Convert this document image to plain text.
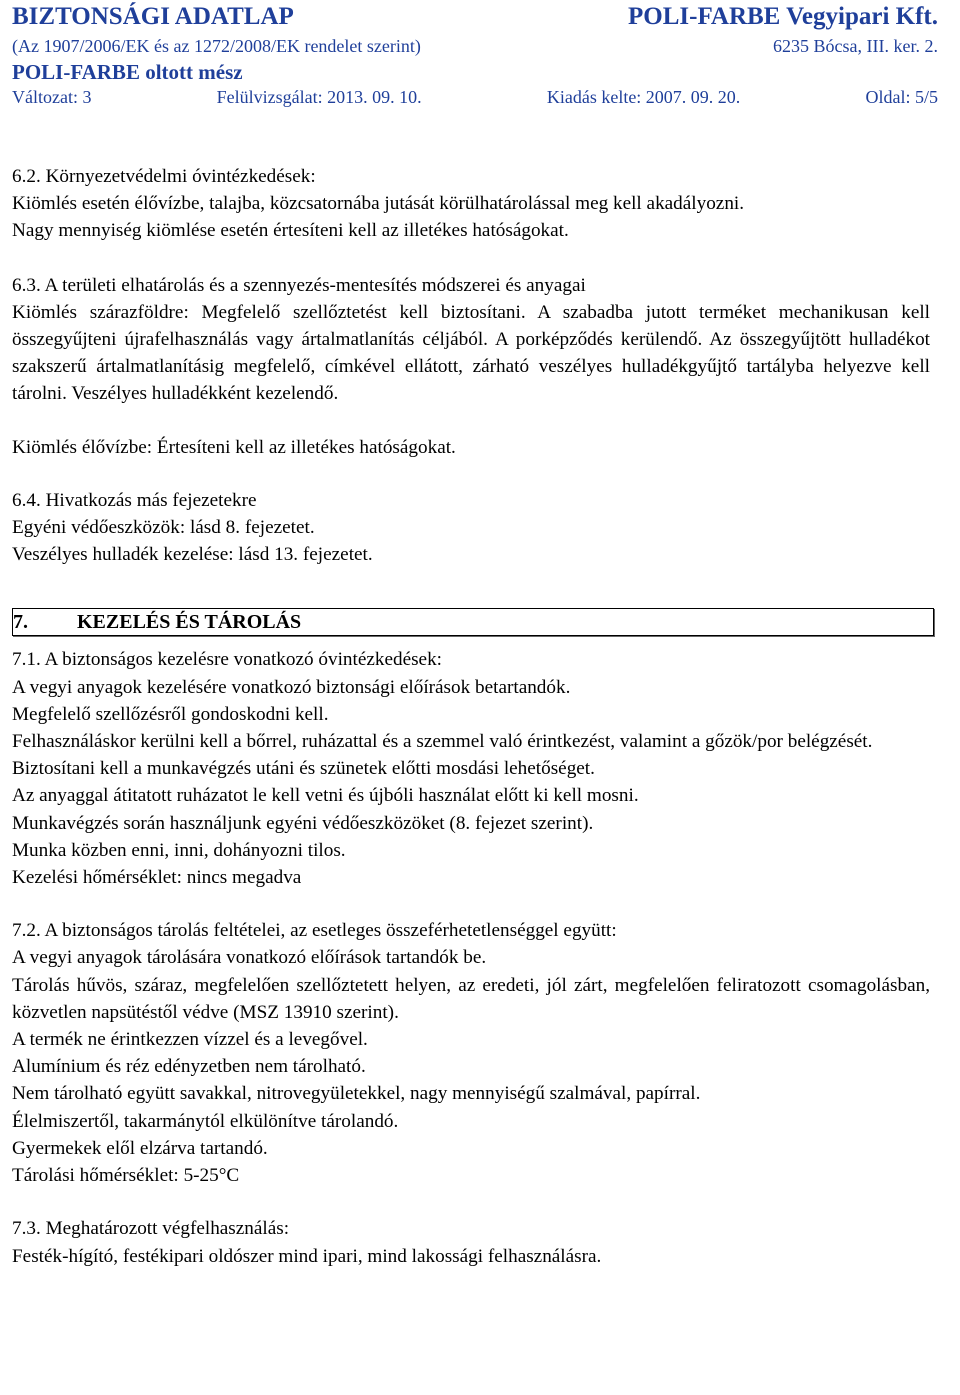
BIZTONSÁGI ADATLAP	POLI-FARBE Vegyipari Kft.
(Az 1907/2006/EK és az 1272/2008/EK rendelet szerint)	6235 Bócsa, III. ker. 2.
POLI-FARBE oltott mész
Változat: 3	Felülvizsgálat: 2013. 09. 10.	Kiadás kelte: 2007. 09. 20.	Oldal: 5/5

6.2. Környezetvédelmi óvintézkedések:

Kiömlés esetén élővízbe, talajba, közcsatornába jutását körülhatárolással meg kell akadályozni.

Nagy mennyiség kiömlése esetén értesíteni kell az illetékes hatóságokat.

6.3. A területi elhatárolás és a szennyezés-mentesítés módszerei és anyagai

Kiömlés szárazföldre: Megfelelő szellőztetést kell biztosítani. A szabadba jutott terméket mechanikusan kell összegyűjteni újrafelhasználás vagy ártalmatlanítás céljából. A porképződés kerülendő. Az összegyűjtött hulladékot szakszerű ártalmatlanításig megfelelő, címkével ellátott, zárható veszélyes hulladékgyűjtő tartályba helyezve kell tárolni. Veszélyes hulladékként kezelendő.

Kiömlés élővízbe: Értesíteni kell az illetékes hatóságokat.

6.4. Hivatkozás más fejezetekre

Egyéni védőeszközök: lásd 8. fejezetet.

Veszélyes hulladék kezelése: lásd 13. fejezetet.

7. KEZELÉS ÉS TÁROLÁS

7.1. A biztonságos kezelésre vonatkozó óvintézkedések:

A vegyi anyagok kezelésére vonatkozó biztonsági előírások betartandók.

Megfelelő szellőzésről gondoskodni kell.

Felhasználáskor kerülni kell a bőrrel, ruházattal és a szemmel való érintkezést, valamint a gőzök/por belégzését.

Biztosítani kell a munkavégzés utáni és szünetek előtti mosdási lehetőséget.

Az anyaggal átitatott ruházatot le kell vetni és újbóli használat előtt ki kell mosni.

Munkavégzés során használjunk egyéni védőeszközöket (8. fejezet szerint).

Munka közben enni, inni, dohányozni tilos.

Kezelési hőmérséklet: nincs megadva

7.2. A biztonságos tárolás feltételei, az esetleges összeférhetetlenséggel együtt:

A vegyi anyagok tárolására vonatkozó előírások tartandók be.

Tárolás hűvös, száraz, megfelelően szellőztetett helyen, az eredeti, jól zárt, megfelelően feliratozott csomagolásban, közvetlen napsütéstől védve (MSZ 13910 szerint).

A termék ne érintkezzen vízzel és a levegővel.

Alumínium és réz edényzetben nem tárolható.

Nem tárolható együtt savakkal, nitrovegyületekkel, nagy mennyiségű szalmával, papírral.

Élelmiszertől, takarmánytól elkülönítve tárolandó.

Gyermekek elől elzárva tartandó.

Tárolási hőmérséklet: 5-25°C

7.3. Meghatározott végfelhasználás:

Festék-hígító, festékipari oldószer mind ipari, mind lakossági felhasználásra.
